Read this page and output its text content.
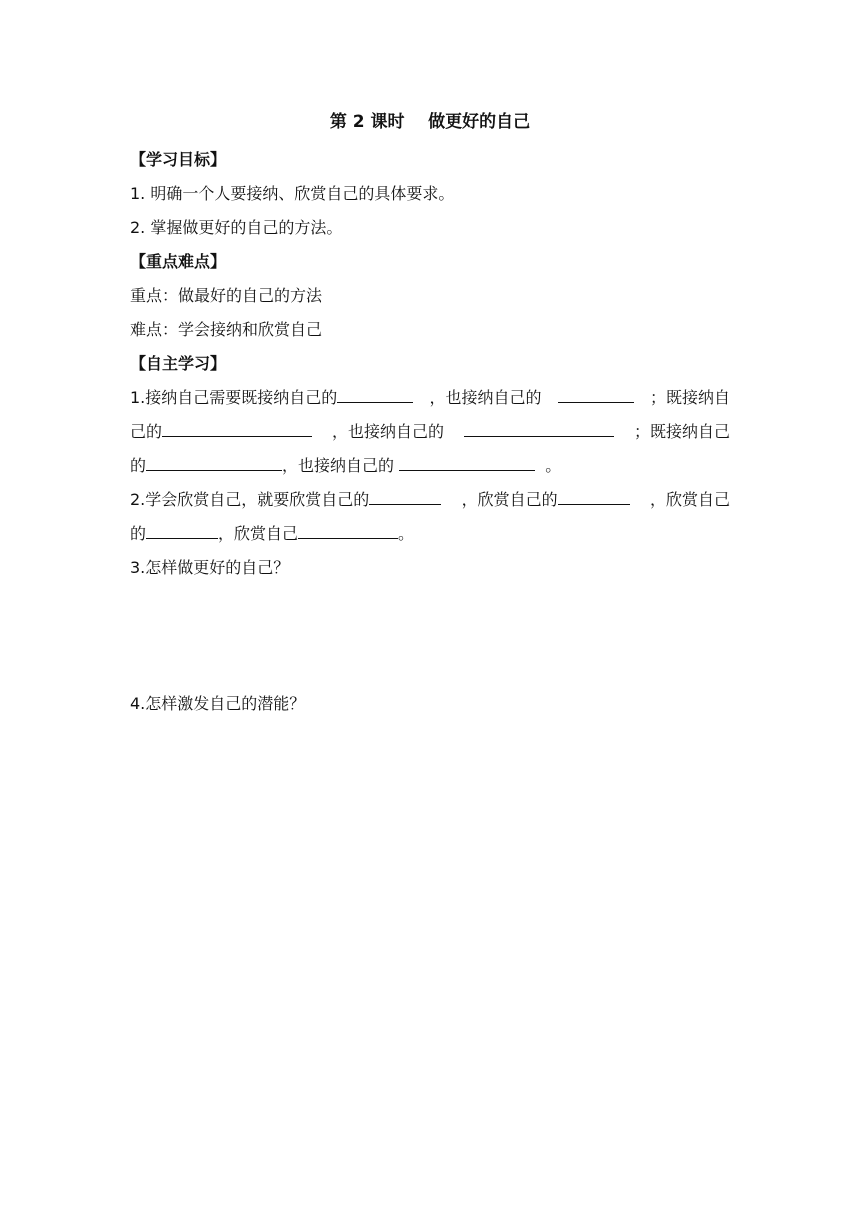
第 2 课时    做更好的自己
【学习目标】
1. 明确一个人要接纳、欣赏自己的具体要求。
2. 掌握做更好的自己的方法。
【重点难点】
重点：做最好的自己的方法
难点：学会接纳和欣赏自己
【自主学习】
1.接纳自己需要既接纳自己的	，也接纳自己的	；既接纳自
己的	，也接纳自己的	；既接纳自己
的	，也接纳自己的	。
2.学会欣赏自己，就要欣赏自己的	，欣赏自己的	，欣赏自己
的	，欣赏自己	。
3.怎样做更好的自己？
4.怎样激发自己的潜能？
